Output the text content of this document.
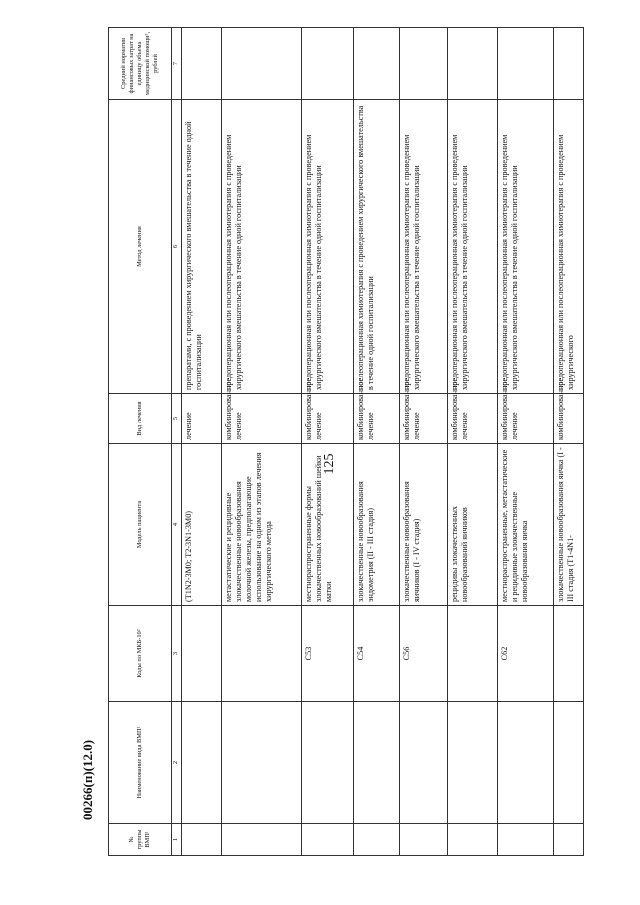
125
00266(п)(12.0)
№ группы ВМП¹	Наименование вида ВМП¹	Коды по МКБ-10²	Модель пациента	Вид лечения	Метод лечения	Средний норматив финансовых затрат на единицу объема медицинской помощи³, рублей
1	2	3	4	5	6	7
			(T1N2-3M0; T2-3N1-3M0)	лечение	препаратами, с проведением хирургического вмешательства в течение одной госпитализации	
			метастатические и рецидивные злокачественные новообразования молочной железы, предполагающие использование на одном из этапов лечения хирургического метода	комбинированное лечение	предоперационная или послеоперационная химиотерапия с проведением хирургического вмешательства в течение одной госпитализации	
		C53	местнораспространенные формы злокачественных новообразований шейки матки	комбинированное лечение	предоперационная или послеоперационная химиотерапия с проведением хирургического вмешательства в течение одной госпитализации	
		C54	злокачественные новообразования эндометрия (II - III стадия)	комбинированное лечение	послеоперационная химиотерапия с проведением хирургического вмешательства в течение одной госпитализации	
		C56	злокачественные новообразования яичников (I - IV стадия)	комбинированное лечение	предоперационная или послеоперационная химиотерапия с проведением хирургического вмешательства в течение одной госпитализации	
			рецидивы злокачественных новообразований яичников	комбинированное лечение	предоперационная или послеоперационная химиотерапия с проведением хирургического вмешательства в течение одной госпитализации	
		C62	местнораспространенные, метастатические и рецидивные злокачественные новообразования яичка	комбинированное лечение	предоперационная или послеоперационная химиотерапия с проведением хирургического вмешательства в течение одной госпитализации	
			злокачественные новообразования яичка (I - III стадия (T1-4N1-	комбинированное	предоперационная или послеоперационная химиотерапия с проведением хирургического	
